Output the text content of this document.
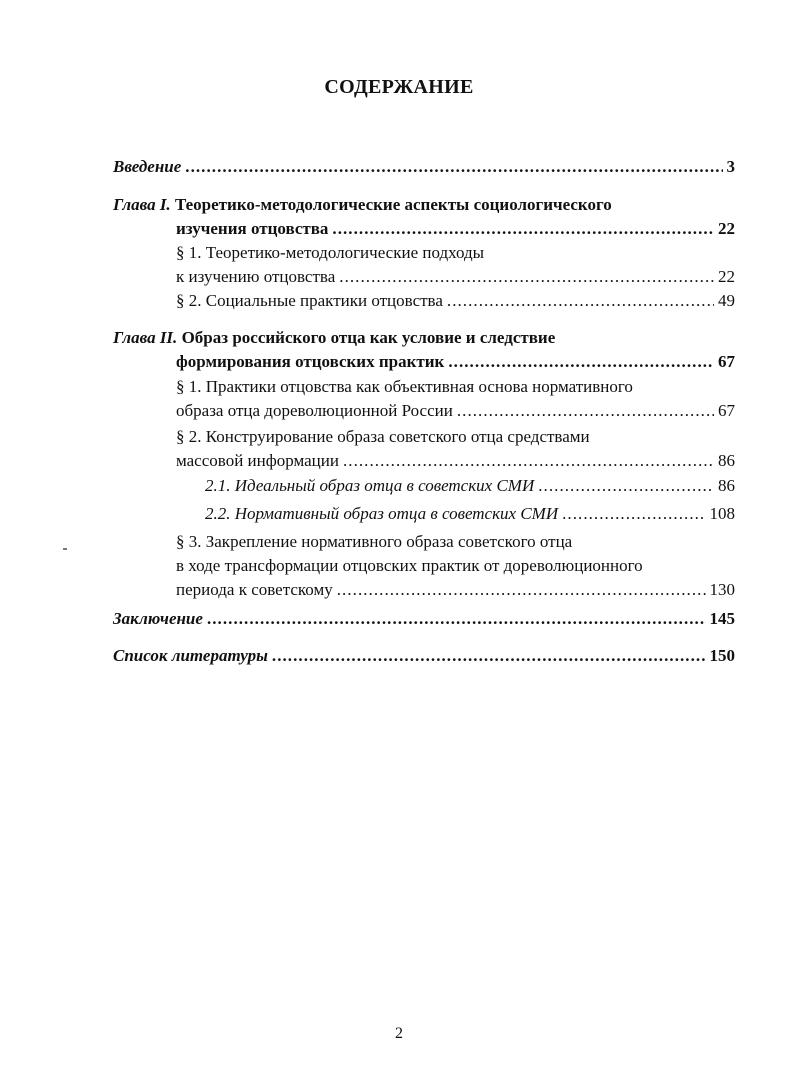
СОДЕРЖАНИЕ
Введение . . .	3
Глава I. Теоретико-методологические аспекты социологического
изучения отцовства . . .	22
§ 1. Теоретико-методологические подходы
к изучению отцовства . . .	22
§ 2. Социальные практики отцовства . . .	49
Глава II. Образ российского отца как условие и следствие
формирования отцовских практик . . .	67
§ 1. Практики отцовства как объективная основа нормативного
образа отца дореволюционной России . . .	67
§ 2. Конструирование образа советского отца средствами
массовой информации . . .	86
2.1. Идеальный образ отца в советских СМИ . . .	86
2.2. Нормативный образ отца в советских СМИ . . .	108
§ 3. Закрепление нормативного образа советского отца
в ходе трансформации отцовских практик от дореволюционного
периода к советскому . . .	130
Заключение . . .	145
Список литературы . . .	150
2
